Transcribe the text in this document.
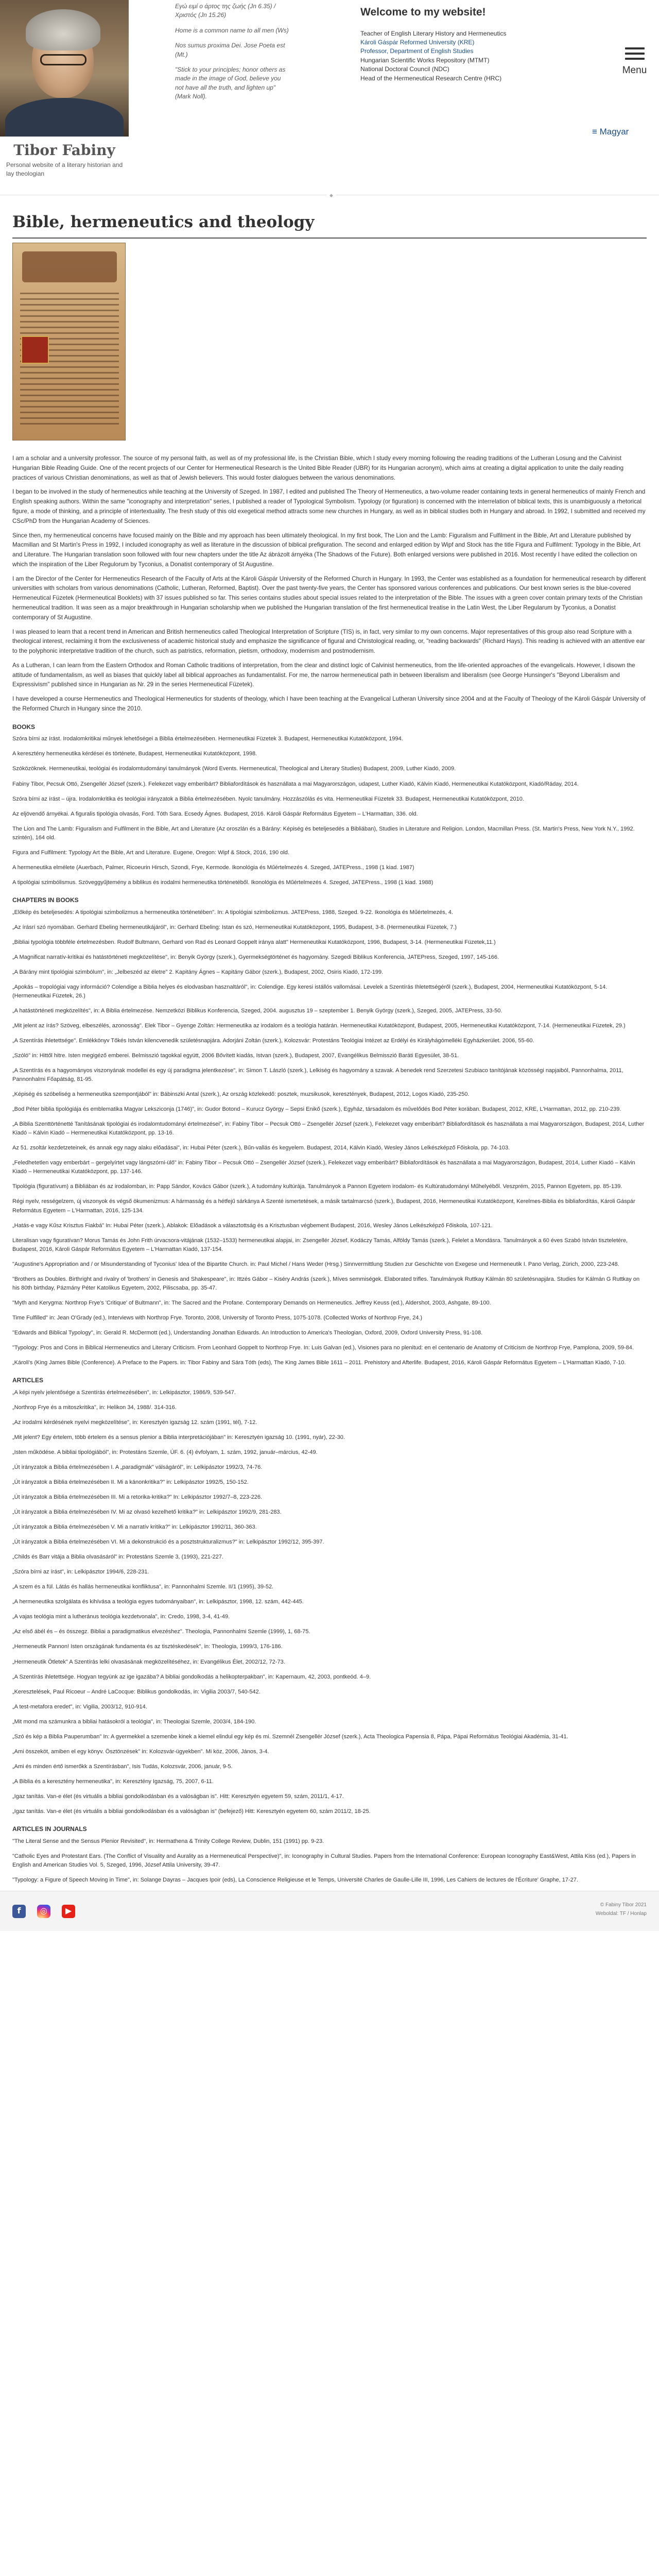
Tibor Fabiny
Personal website of a literary historian and lay theologian

Εγώ ειμί ο άρτος της ζωής (Jn 6.35) / Χριστός (Jn 15.26)

Home is a common name to all men (Ws)

Nos sumus proxima Dei. Jose Poeta est (Mt.)

"Stick to your principles; honor others as made in the image of God, believe you not have all the truth, and lighten up" (Mark Noll).

Welcome to my website!
Teacher of English Literary History and Hermeneutics
Károli Gáspár Reformed University (KRE)
Professor, Department of English Studies
Hungarian Scientific Works Repository (MTMT)
National Doctoral Council (NDC)
Head of the Hermeneutical Research Centre (HRC)
Menu
≡ Magyar
◆
Bible, hermeneutics and theology

I am a scholar and a university professor. The source of my personal faith, as well as of my professional life, is the Christian Bible, which I study every morning following the reading traditions of the Lutheran Losung and the Calvinist Hungarian Bible Reading Guide. One of the recent projects of our Center for Hermeneutical Research is the United Bible Reader (UBR) for its Hungarian acronym), which aims at creating a digital application to unite the daily reading practices of various Christian denominations, as well as that of Jewish believers. This would foster dialogues between the various denominations.

I began to be involved in the study of hermeneutics while teaching at the University of Szeged. In 1987, I edited and published The Theory of Hermeneutics, a two-volume reader containing texts in general hermeneutics of mainly French and English speaking authors. Within the same "iconography and interpretation" series, I published a reader of Typological Symbolism. Typology (or figuration) is concerned with the interrelation of biblical texts, this is unambiguously a rhetorical figure, a mode of thinking, and a principle of intertextuality. The fresh study of this old exegetical method attracts some new churches in Hungary, as well as in biblical studies both in Hungary and abroad. In 1992, I submitted and received my CSc/PhD from the Hungarian Academy of Sciences.

Since then, my hermeneutical concerns have focused mainly on the Bible and my approach has been ultimately theological. In my first book, The Lion and the Lamb: Figuralism and Fulfilment in the Bible, Art and Literature published by Macmillan and St Martin's Press in 1992, I included iconography as well as literature in the discussion of biblical prefiguration. The second and enlarged edition by Wipf and Stock has the title Figura and Fulfilment: Typology in the Bible, Art and Literature. The Hungarian translation soon followed with four new chapters under the title Az ábrázolt árnyéka (The Shadows of the Future). Both enlarged versions were published in 2016. Most recently I have edited the collection on which the inspiration of the Liber Regulorum by Tyconius, a Donatist contemporary of St Augustine.

I am the Director of the Center for Hermeneutics Research of the Faculty of Arts at the Károli Gáspár University of the Reformed Church in Hungary. In 1993, the Center was established as a foundation for hermeneutical research by different universities with scholars from various denominations (Catholic, Lutheran, Reformed, Baptist). Over the past twenty-five years, the Center has sponsored various conferences and publications. Our best known series is the blue-covered Hermeneutical Füzetek (Hermeneutical Booklets) with 37 issues published so far. This series contains studies about special issues related to the interpretation of the Bible. The issues with a green cover contain primary texts of the Christian hermeneutical tradition. It was seen as a major breakthrough in Hungarian scholarship when we published the Hungarian translation of the first hermeneutical treatise in the Latin West, the Liber Regularum by Tyconius, a Donatist contemporary of St Augustine.

I was pleased to learn that a recent trend in American and British hermeneutics called Theological Interpretation of Scripture (TIS) is, in fact, very similar to my own concerns. Major representatives of this group also read Scripture with a theological interest, reclaiming it from the exclusiveness of academic historical study and emphasize the significance of figural and Christological reading, or, "reading backwards" (Richard Hays). This reading is achieved with an attentive ear to the polyphonic interpretative tradition of the church, such as patristics, reformation, pietism, orthodoxy, modernism and postmodernism.

As a Lutheran, I can learn from the Eastern Orthodox and Roman Catholic traditions of interpretation, from the clear and distinct logic of Calvinist hermeneutics, from the life-oriented approaches of the evangelicals. However, I disown the attitude of fundamentalism, as well as biases that quickly label all biblical approaches as fundamentalist. For me, the narrow hermeneutical path in between liberalism and liberalism (see George Hunsinger's "Beyond Liberalism and Expressivism" published since in Hungarian as Nr. 29 in the series Hermeneutical Füzetek).

I have developed a course Hermeneutics and Theological Hermeneutics for students of theology, which I have been teaching at the Evangelical Lutheran University since 2004 and at the Faculty of Theology of the Károli Gáspár University of the Reformed Church in Hungary since the 2010.

BOOKS
Szóra bírni az írást. Irodalomkritikai műnyek lehetőségei a Biblia értelmezésében. Hermeneutikai Füzetek 3. Budapest, Hermeneutikai Kutatóközpont, 1994.
A keresztény hermeneutika kérdései és története, Budapest, Hermeneutikai Kutatóközpont, 1998.
Szóközöknek. Hermeneutikai, teológiai és irodalomtudományi tanulmányok (Word Events. Hermeneutical, Theological and Literary Studies) Budapest, 2009, Luther Kiadó, 2009.
Fabiny Tibor, Pecsuk Ottó, Zsengellér József (szerk.). Felekezet vagy emberibárt? Bibliafordítások és használlata a mai Magyarországon, udapest, Luther Kiadó, Kálvin Kiadó, Hermeneutikai Kutatóközpont, Kiadó/Ráday, 2014.
Szóra bírni az írást – újra. Irodalomkritika és teológiai irányzatok a Biblia értelmezésében. Nyolc tanulmány. Hozzászólás és vita. Hermeneutikai Füzetek 33. Budapest, Hermeneutikai Kutatóközpont, 2010.
Az eljövendő árnyékai. A figuralis tipológia olvasás, Ford. Tóth Sara. Ecsedy Ágnes. Budapest, 2016. Károli Gáspár Református Egyetem – L'Harmattan, 336. old.
The Lion and The Lamb: Figuralism and Fulfilment in the Bible, Art and Literature (Az oroszlán és a Bárány: Képiség és beteljesedés a Bibliában), Studies in Literature and Religion. London, Macmillan Press. (St. Martin's Press, New York N.Y., 1992. szintén), 164 old.
Figura and Fulfilment: Typology Art the Bible, Art and Literature. Eugene, Oregon: Wipf & Stock, 2016, 190 old.
A hermeneutika elmélete (Auerbach, Palmer, Ricoeurin Hirsch, Szondi, Frye, Kermode. Ikonológia és Műértelmezés 4. Szeged, JATEPress., 1998 (1 kiad. 1987)
A tipológiai szimbólismus. Szöveggyűjtemény a biblikus és irodalmi hermeneutika történetéből. Ikonológia és Műértelmezés 4. Szeged, JATEPress., 1998 (1 kiad. 1988)
CHAPTERS IN BOOKS
„Előkép és beteljesedés: A tipológiai szimbolizmus a hermeneutika történetében". In: A tipológiai szimbolizmus. JATEPress, 1988, Szeged. 9-22. Ikonológia és Műértelmezés, 4.
„Az írásrí szó nyomában. Gerhard Ebeling hermeneutikájáról", in: Gerhard Ebeling: Istan és szó, Hermeneutikai Kutatóközpont, 1995, Budapest, 3-8. (Hermeneutikai Füzetek, 7.)
„Bibliai typológia többféle értelmezésben. Rudolf Bultmann, Gerhard von Rad és Leonard Goppelt iránya alatt" Hermeneutikai Kutatóközpont, 1996, Budapest, 3-14. (Hermeneutikai Füzetek,11.)
„A Magnificat narratív-kritikai és hatástörténeti megközelítése", in: Benyik György (szerk.), Gyermekségtörténet és hagyomány. Szegedi Biblikus Konferencia, JATEPress, Szeged, 1997, 145-166.
„A Bárány mint tipológiai szimbólum", in: „Jelbeszéd az életre" 2. Kapitány Ágnes – Kapitány Gábor (szerk.), Budapest, 2002, Osiris Kiadó, 172-199.
„Apokás – tropológiai vagy információ? Colendige a Biblia helyes és elodvasban hasznaltáról", in: Colendige. Egy keresi istállós vallomásai. Levelek a Szentírás Ihletettségéről (szerk.), Budapest, 2004, Hermeneutikai Kutatóközpont, 5-14. (Hermeneutikai Füzetek, 26.)
„A hatástörténeti megközelítés", in: A Biblia értelmezése. Nemzetközi Biblikus Konferencia, Szeged, 2004. augusztus 19 – szeptember 1. Benyik György (szerk.), Szeged, 2005, JATEPress, 33-50.
„Mit jelent az írás? Szöveg, elbeszélés, azonosság". Elek Tibor – Gyenge Zoltán: Hermeneutika az irodalom és a teológia határán. Hermeneutikai Kutatóközpont, Budapest, 2005, Hermeneutikai Kutatóközpont, 7-14. (Hermeneutikai Füzetek, 29.)
„A Szentírás ihletettsége". Emlékkönyv Tőkés István kilencvenedik születésnapjára. Adorjáni Zoltán (szerk.), Kolozsvár: Protestáns Teológiai Intézet az Erdélyi és Királyhágómelléki Egyházkerület. 2006, 55-60.
„Szóló" in: Hittől hitre. Isten megigéző emberei. Belmisszió tagokkal együtt, 2006 Bővített kiadás, Istvan (szerk.), Budapest, 2007, Evangélikus Belmisszió Baráti Egyesület, 38-51.
„A Szentírás és a hagyományos viszonyának modellei és egy új paradigma jelentkezése", in: Simon T. László (szerk.), Lelkiség és hagyomány a szavak. A benedek rend Szerzetesi Szubiaco tanítójának közösségi napjaiból, Pannonhalma, 2011, Pannonhalmi Főapátság, 81-95.
„Képiség és szóbeliség a hermeneutika szempontjából" in: Bábinszki Antal (szerk.), Az ország közlekedő: posztek, muzsikusok, keresztények, Budapest, 2012, Logos Kiadó, 235-250.
„Bod Péter biblia tipológiája és emblematika Magyar Leksziconja (1746)", in: Gudor Botond – Kurucz György – Sepsi Enikő (szerk.), Egyház, társadalom és művelődés Bod Péter korában. Budapest, 2012, KRE, L'Harmattan, 2012, pp. 210-239.
„A Biblia Szenttörténetté Tanításának tipológiai és irodalomtudományi értelmezései", in: Fabiny Tibor – Pecsuk Ottó – Zsengellér József (szerk.), Felekezet vagy emberibárt? Bibliafordítások és használlata a mai Magyarországon, Budapest, 2014, Luther Kiadó – Kálvin Kiadó – Hermeneutikai Kutatóközpont, pp. 13-16.
Az 51. zsoltár kezdetzeteinek, és annak egy nagy alaku előadásai", in: Hubai Péter (szerk.), Bűn-vallás és kegyelem. Budapest, 2014, Kálvin Kiadó, Wesley János Lelkészképző Főiskola, pp. 74-103.
„Feledhetetlen vagy emberbárt – gergelyírtet vagy lángszórni-ülő" in: Fabiny Tibor – Pecsuk Ottó – Zsengellér József (szerk.), Felekezet vagy emberibárt? Bibliafordítások és használlata a mai Magyarországon, Budapest, 2014, Luther Kiadó – Kálvin Kiadó – Hermeneutikai Kutatóközpont, pp. 137-146.
Tipológia (figuratívum) a Bibliában és az irodalomban, in: Papp Sándor, Kovács Gábor (szerk.), A tudomány kultúrája. Tanulmányok a Pannon Egyetem irodalom- és Kultúratudományi Műhelyéből. Veszprém, 2015, Pannon Egyetem, pp. 85-139.
Régi nyelv, rességelzem, új viszonyok és végső ökumenizmus: A hármasság és a hétfejű sárkánya A Szenté ismertetések, a másik tartalmarcsó (szerk.), Budapest, 2016, Hermeneutikai Kutatóközpont, Kerelmes-Biblia és bibliafordítás, Károli Gáspár Református Egyetem – L'Harmattan, 2016, 125-134.
„Hatás-e vagy Kűsz Krisztus Fiakbá" In: Hubai Péter (szerk.), Ablakok: Előadások a választottság és a Krisztusban végbement Budapest, 2016, Wesley János Lelkészképző Főiskola, 107-121.
Literalisan vagy figuratívan? Morus Tamás és John Frith úrvacsora-vitájának (1532–1533) hermeneutikai alapjai, in: Zsengellér József, Kodáczy Tamás, Alföldy Tamás (szerk.), Felelet a Mondásra. Tanulmányok a 60 éves Szabó István tiszteletére, Budapest, 2016, Károli Gáspár Református Egyetem – L'Harmattan Kiadó, 137-154.
"Augustine's Appropriation and / or Misunderstanding of Tyconius' Idea of the Bipartite Church. in: Paul Michel / Hans Weder (Hrsg.) Sinnvermittlung Studien zur Geschichte von Exegese und Hermeneutik I. Pano Verlag, Zürich, 2000, 223-248.
"Brothers as Doubles. Birthright and rivalry of 'brothers' in Genesis and Shakespeare", in: Ittzés Gábor – Kiséry András (szerk.), Míves semmiségek. Elaborated trifles. Tanulmányok Ruttkay Kálmán 80 születésnapjára. Studies for Kálmán G Ruttkay on his 80th birthday, Pázmány Péter Katolikus Egyetem, 2002, Piliscsaba, pp. 35-47.
"Myth and Kerygma: Northrop Frye's 'Critique' of Bultmann", in: The Sacred and the Profane. Contemporary Demands on Hermeneutics. Jeffrey Keuss (ed.), Aldershot, 2003, Ashgate, 89-100.
Time Fulfilled" in: Jean O'Grady (ed.), Interviews with Northrop Frye. Toronto, 2008, University of Toronto Press, 1075-1078. (Collected Works of Northrop Frye, 24.)
"Edwards and Biblical Typology", in: Gerald R. McDermott (ed.), Understanding Jonathan Edwards. An Introduction to America's Theologian, Oxford, 2009, Oxford University Press, 91-108.
"Typology: Pros and Cons in Biblical Hermeneutics and Literary Criticism. From Leonhard Goppelt to Northrop Frye. In: Luis Galvan (ed.), Visiones para no plenitud: en el centenario de Anatomy of Criticism de Northrop Frye, Pamplona, 2009, 59-84.
„Károli's (King James Bible (Conference). A Preface to the Papers. in: Tibor Fabiny and Sára Tóth (eds), The King James Bible 1611 – 2011. Prehistory and Afterlife. Budapest, 2016, Károli Gáspár Református Egyetem – L'Harmattan Kiadó, 7-10.
ARTICLES
„A képi nyelv jelentősége a Szentírás értelmezésében", in: Lelkipásztor, 1986/9, 539-547.
„Northrop Frye és a mitoszkritika", in: Helikon 34, 1988/. 314-316.
„Az irodalmi kérdésének nyelvi megközelítése", in: Keresztyén igazság 12. szám (1991, tél), 7-12.
„Mit jelent? Egy értelem, több értelem és a sensus plenior a Biblia interpretációjában" in: Keresztyén igazság 10. (1991, nyár), 22-30.
„Isten működése. A bibliai tipológiából", in: Protestáns Szemle, ÚF. 6. (4) évfolyam, 1. szám, 1992, január–március, 42-49.
„Út irányzatok a Biblia értelmezésében I. A „paradigmák" válságáról", in: Lelkipásztor 1992/3, 74-76.
„Út irányzatok a Biblia értelmezésében II. Mi a kánonkritika?" in: Lelkipásztor 1992/5, 150-152.
„Út irányzatok a Biblia értelmezésében III. Mi a retorika-kritika?" In: Lelkipásztor 1992/7–8, 223-226.
„Út irányzatok a Biblia értelmezésében IV. Mi az olvasó kezelhető kritika?" in: Lelkipásztor 1992/9, 281-283.
„Út irányzatok a Biblia értelmezésében V. Mi a narratív kritika?" in: Lelkipásztor 1992/11, 360-363.
„Út irányzatok a Biblia értelmezésében VI. Mi a dekonstrukció és a posztstrukturalizmus?" in: Lelkipásztor 1992/12, 395-397.
„Childs és Barr vitája a Biblia olvasásáról" in: Protestáns Szemle 3, (1993), 221-227.
„Szóra bírni az írást", in: Lelkipásztor 1994/6, 228-231.
„A szem és a fül. Látás és hallás hermeneutikai konfliktusa", in: Pannonhalmi Szemle. II/1 (1995), 39-52.
„A hermeneutika szolgálata és kihívása a teológia egyes tudományaiban", in: Lelkipásztor, 1998, 12. szám, 442-445.
„A vajas teológia mint a lutheránus teológia kezdetvonala", in: Credo, 1998, 3-4, 41-49.
„Az első ábél és – és összegz. Bibliai a paradigmatikus elvezéshez". Theologia, Pannonhalmi Szemle (1999), 1, 68-75.
„Hermeneutik Pannon! Isten országának fundamenta és az tisztéskedések", in: Theologia, 1999/3, 176-186.
„Hermeneutik Ötletek" A Szentírás lelki olvasásának megközelítéséhez, in: Evangélikus Élet, 2002/12, 72-73.
„A Szentírás ihletettsége. Hogyan tegyünk az ige igazába? A bibliai gondolkodás a helikopterpakban", in: Kapernaum, 42, 2003, pontkeód. 4–9.
„Keresztelések, Paul Ricoeur – André LaCocque: Biblikus gondolkodás, in: Vigilia 2003/7, 540-542.
„A test-metafora eredet", in: Vigilia, 2003/12, 910-914.
„Mit mond ma számunkra a bibliai hatásokról a teológia", in: Theologiai Szemle, 2003/4, 184-190.
„Szó és kép a Biblia Pauperumban" In: A gyermekkel a szemenbe kinek a kiemel elindul egy kép és mi. Szemnél Zsengellér József (szerk.), Acta Theologica Papensia 8, Pápa, Pápai Református Teológiai Akadémia, 31-41.
„Ami összeköt, amiben el egy könyv. Ösztönzések" in: Kolozsvár-ügyekben". Mi köz, 2006, János, 3-4.
„Ami és minden értő ismerőkk a Szentírásban", Isis Tudás, Kolozsvár, 2006, január, 9-5.
„A Biblia és a keresztény hermeneutika", in: Keresztény Igazság, 75, 2007, 6-11.
„Igaz tanítás. Van-e élet (és virtuális a bibliai gondolkodásban és a valóságban is". Hitt: Keresztyén egyetem 59, szám, 2011/1, 4-17.
„Igaz tanítás. Van-e élet (és virtuális a bibliai gondolkodásban és a valóságban is" (befejező) Hitt: Keresztyén egyetem 60, szám 2011/2, 18-25.
ARTICLES IN JOURNALS
"The Literal Sense and the Sensus Plenior Revisited", in: Hermathena & Trinity College Review, Dublin, 151 (1991) pp. 9-23.
"Catholic Eyes and Protestant Ears. (The Conflict of Visuality and Aurality as a Hermeneutical Perspective)", in: Iconography in Cultural Studies. Papers from the International Conference: European Iconography East&West, Attila Kiss (ed.), Papers in English and American Studies Vol. 5, Szeged, 1996, József Attila University, 39-47.
"Typology: a Figure of Speech Moving in Time", in: Solange Dayras – Jacques Ipoir (eds), La Conscience Religieuse et le Temps, Université Charles de Gaulle-Lille III, 1996, Les Cahiers de lectures de l'Écriture' Graphe, 17-27.
f	◎	▶
© Fabiny Tibor 2021
Weboldal: TF / Honlap
